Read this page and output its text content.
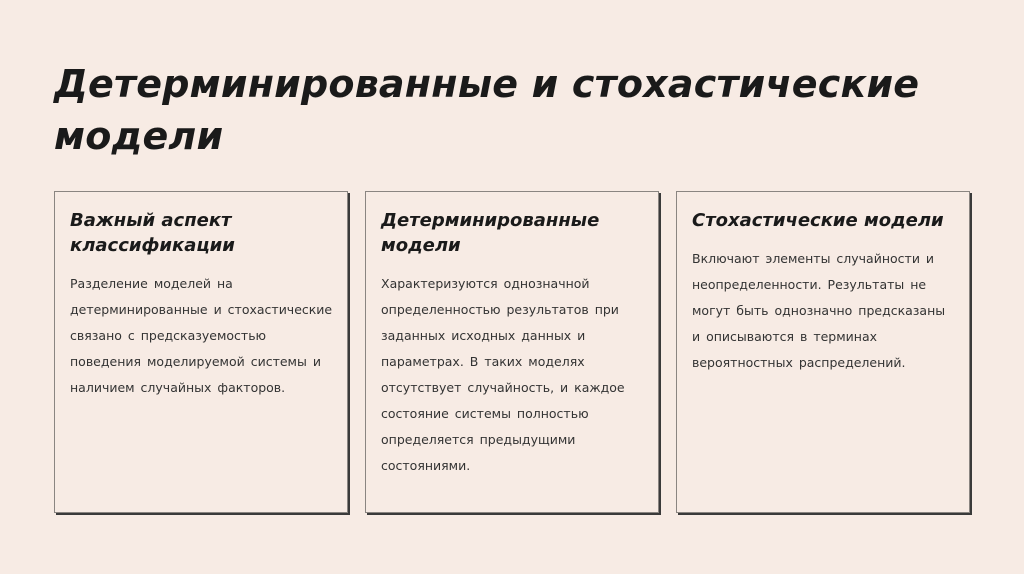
Детерминированные и стохастические модели
Важный аспект классификации

Разделение моделей на детерминированные и стохастические связано с предсказуемостью поведения моделируемой системы и наличием случайных факторов.

Детерминированные модели

Характеризуются однозначной определенностью результатов при заданных исходных данных и параметрах. В таких моделях отсутствует случайность, и каждое состояние системы полностью определяется предыдущими состояниями.

Стохастические модели

Включают элементы случайности и неопределенности. Результаты не могут быть однозначно предсказаны и описываются в терминах вероятностных распределений.
